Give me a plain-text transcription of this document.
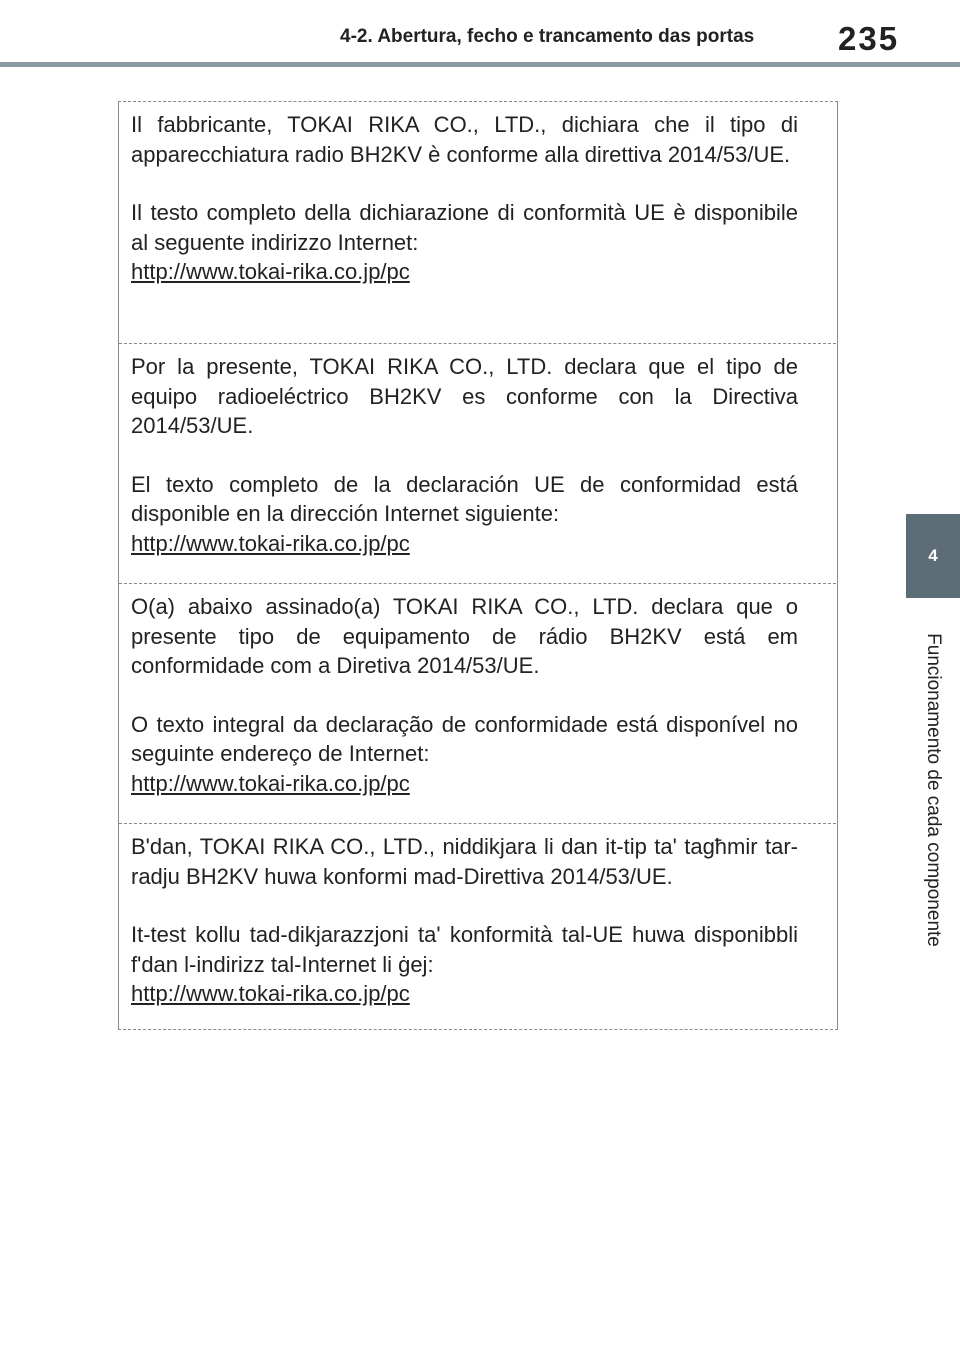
4-2. Abertura, fecho e trancamento das portas	235
4
Funcionamento de cada componente

Il fabbricante, TOKAI RIKA CO., LTD., dichiara che il tipo di apparecchiatura radio BH2KV è conforme alla direttiva 2014/53/UE.

Il testo completo della dichiarazione di conformità UE è disponibile al seguente indirizzo Internet:

http://www.tokai-rika.co.jp/pc

Por la presente, TOKAI RIKA CO., LTD. declara que el tipo de equipo radioeléctrico BH2KV es conforme con la Directiva 2014/53/UE.

El texto completo de la declaración UE de conformidad está disponible en la dirección Internet siguiente:

http://www.tokai-rika.co.jp/pc

O(a) abaixo assinado(a) TOKAI RIKA CO., LTD. declara que o presente tipo de equipamento de rádio BH2KV está em conformidade com a Diretiva 2014/53/UE.

O texto integral da declaração de conformidade está disponível no seguinte endereço de Internet:

http://www.tokai-rika.co.jp/pc

B'dan, TOKAI RIKA CO., LTD., niddikjara li dan it-tip ta' tagħmir tar-radju BH2KV huwa konformi mad-Direttiva 2014/53/UE.

It-test kollu tad-dikjarazzjoni ta' konformità tal-UE huwa disponibbli f'dan l-indirizz tal-Internet li ġej:

http://www.tokai-rika.co.jp/pc
